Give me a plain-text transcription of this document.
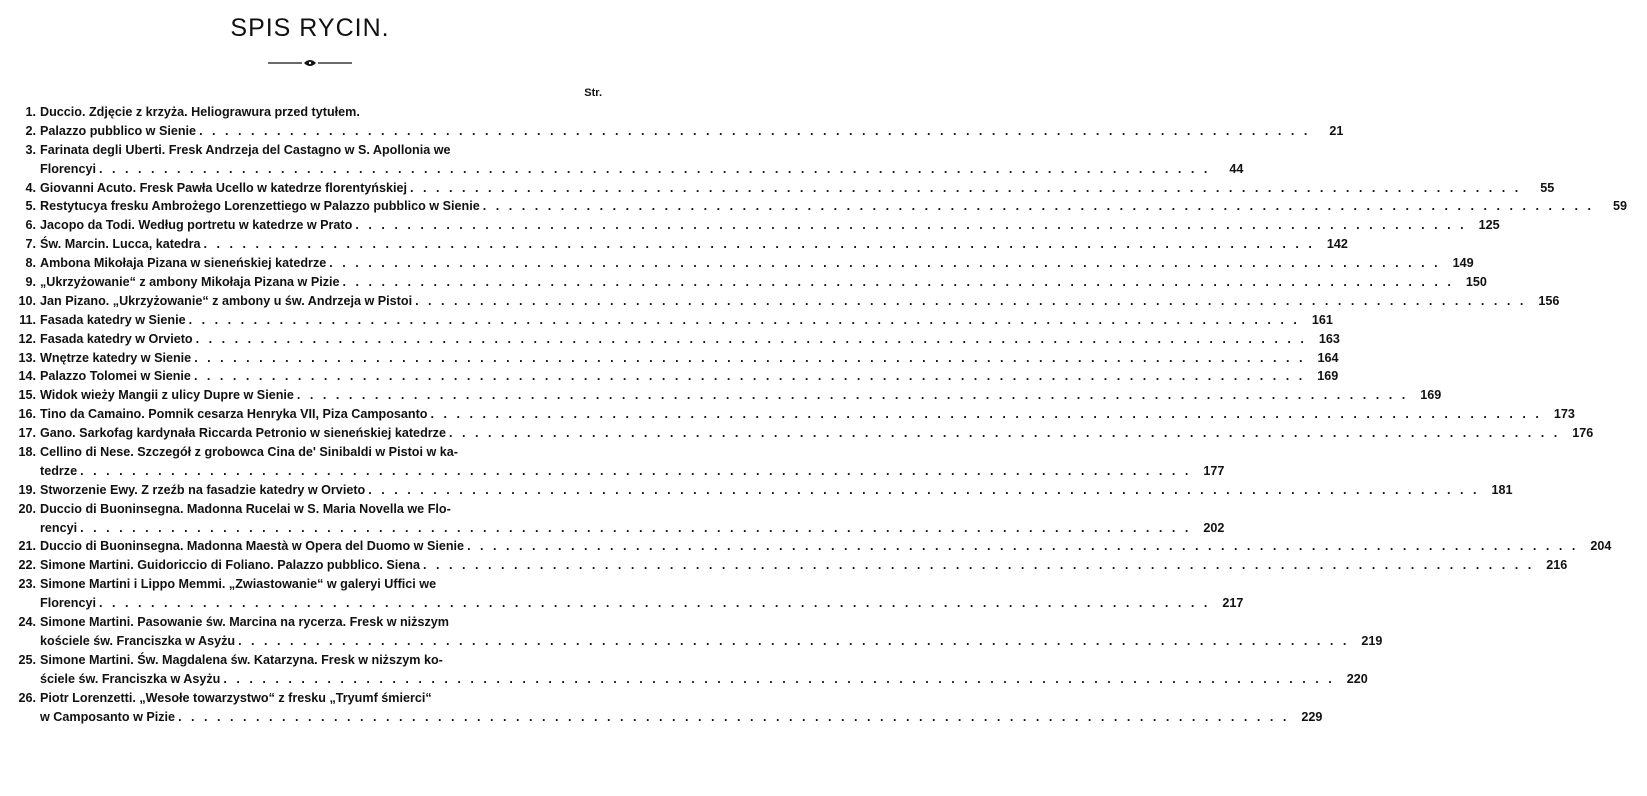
SPIS RYCIN.
Str.
1. Duccio. Zdjęcie z krzyża. Heliograwura przed tytułem.
2. Palazzo pubblico w Sienie . . .	21
3. Farinata degli Uberti. Fresk Andrzeja del Castagno w S. Apollonia we
Florencyi . . .	44
4. Giovanni Acuto. Fresk Pawła Ucello w katedrze florentyńskiej . . .	55
5. Restytucya fresku Ambrożego Lorenzettiego w Palazzo pubblico w Sienie . . .	59
6. Jacopo da Todi. Według portretu w katedrze w Prato . . .	125
7. Św. Marcin. Lucca, katedra . . .	142
8. Ambona Mikołaja Pizana w sieneńskiej katedrze . . .	149
9. „Ukrzyżowanie“ z ambony Mikołaja Pizana w Pizie . . .	150
10. Jan Pizano. „Ukrzyżowanie“ z ambony u św. Andrzeja w Pistoi . . .	156
11. Fasada katedry w Sienie . . .	161
12. Fasada katedry w Orvieto . . .	163
13. Wnętrze katedry w Sienie . . .	164
14. Palazzo Tolomei w Sienie . . .	169
15. Widok wieży Mangii z ulicy Dupre w Sienie . . .	169
16. Tino da Camaino. Pomnik cesarza Henryka VII, Piza Camposanto . . .	173
17. Gano. Sarkofag kardynała Riccarda Petronio w sieneńskiej katedrze . . .	176
18. Cellino di Nese. Szczegół z grobowca Cina de' Sinibaldi w Pistoi w ka-
tedrze . . .	177
19. Stworzenie Ewy. Z rzeźb na fasadzie katedry w Orvieto . . .	181
20. Duccio di Buoninsegna. Madonna Rucelai w S. Maria Novella we Flo-
rencyi . . .	202
21. Duccio di Buoninsegna. Madonna Maestà w Opera del Duomo w Sienie . . .	204
22. Simone Martini. Guidoriccio di Foliano. Palazzo pubblico. Siena . . .	216
23. Simone Martini i Lippo Memmi. „Zwiastowanie“ w galeryi Uffici we
Florencyi . . .	217
24. Simone Martini. Pasowanie św. Marcina na rycerza. Fresk w niższym
kościele św. Franciszka w Asyżu . . .	219
25. Simone Martini. Św. Magdalena św. Katarzyna. Fresk w niższym ko-
ściele św. Franciszka w Asyżu . . .	220
26. Piotr Lorenzetti. „Wesołe towarzystwo“ z fresku „Tryumf śmierci“
w Camposanto w Pizie . . .	229
